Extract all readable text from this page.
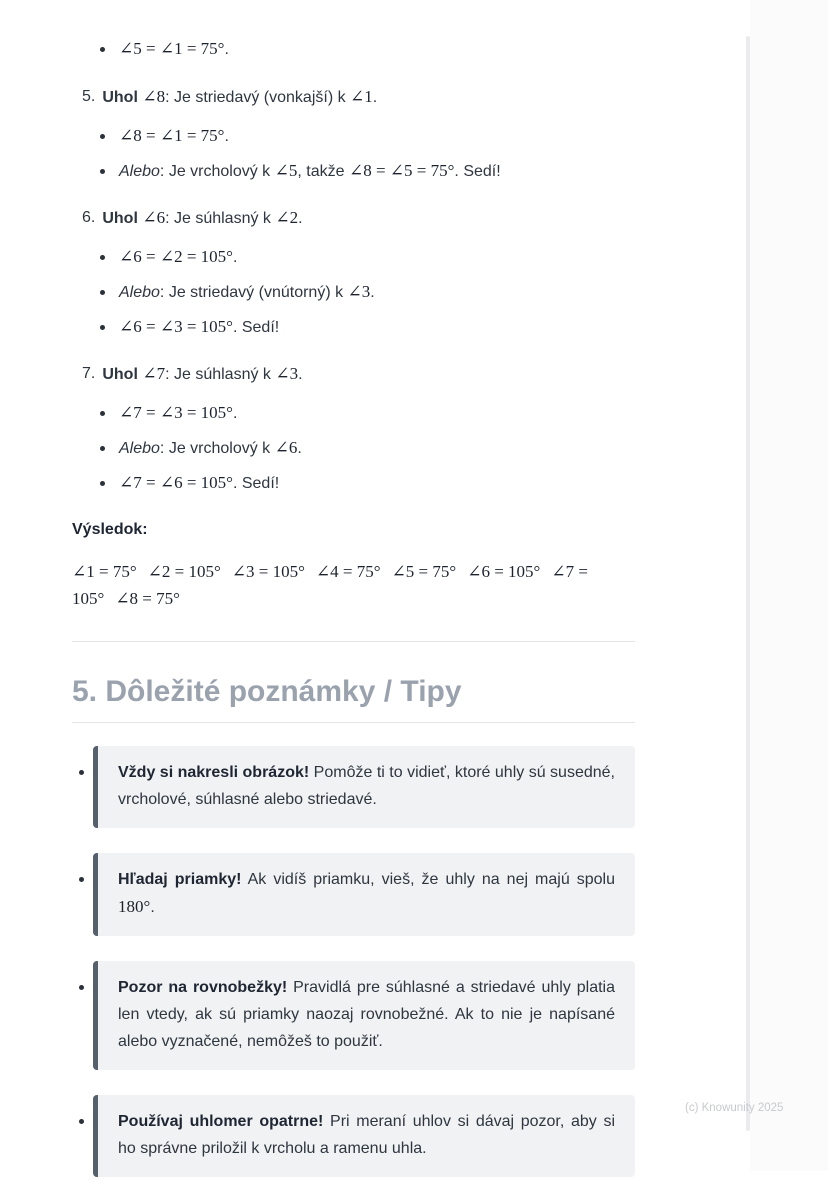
∠5 = ∠1 = 75°.
5. Uhol ∠8: Je striedavý (vonkajší) k ∠1.
∠8 = ∠1 = 75°.
Alebo: Je vrcholový k ∠5, takže ∠8 = ∠5 = 75°. Sedí!
6. Uhol ∠6: Je súhlasný k ∠2.
∠6 = ∠2 = 105°.
Alebo: Je striedavý (vnútorný) k ∠3.
∠6 = ∠3 = 105°. Sedí!
7. Uhol ∠7: Je súhlasný k ∠3.
∠7 = ∠3 = 105°.
Alebo: Je vrcholový k ∠6.
∠7 = ∠6 = 105°. Sedí!

Výsledok:

∠1 = 75° ∠2 = 105° ∠3 = 105° ∠4 = 75° ∠5 = 75° ∠6 = 105° ∠7 = 105° ∠8 = 75°

5. Dôležité poznámky / Tipy
Vždy si nakresli obrázok! Pomôže ti to vidieť, ktoré uhly sú susedné, vrcholové, súhlasné alebo striedavé.
Hľadaj priamky! Ak vidíš priamku, vieš, že uhly na nej majú spolu 180°.
Pozor na rovnobežky! Pravidlá pre súhlasné a striedavé uhly platia len vtedy, ak sú priamky naozaj rovnobežné. Ak to nie je napísané alebo vyznačené, nemôžeš to použiť.
Používaj uhlomer opatrne! Pri meraní uhlov si dávaj pozor, aby si ho správne priložil k vrcholu a ramenu uhla.
(c) Knowunity 2025
